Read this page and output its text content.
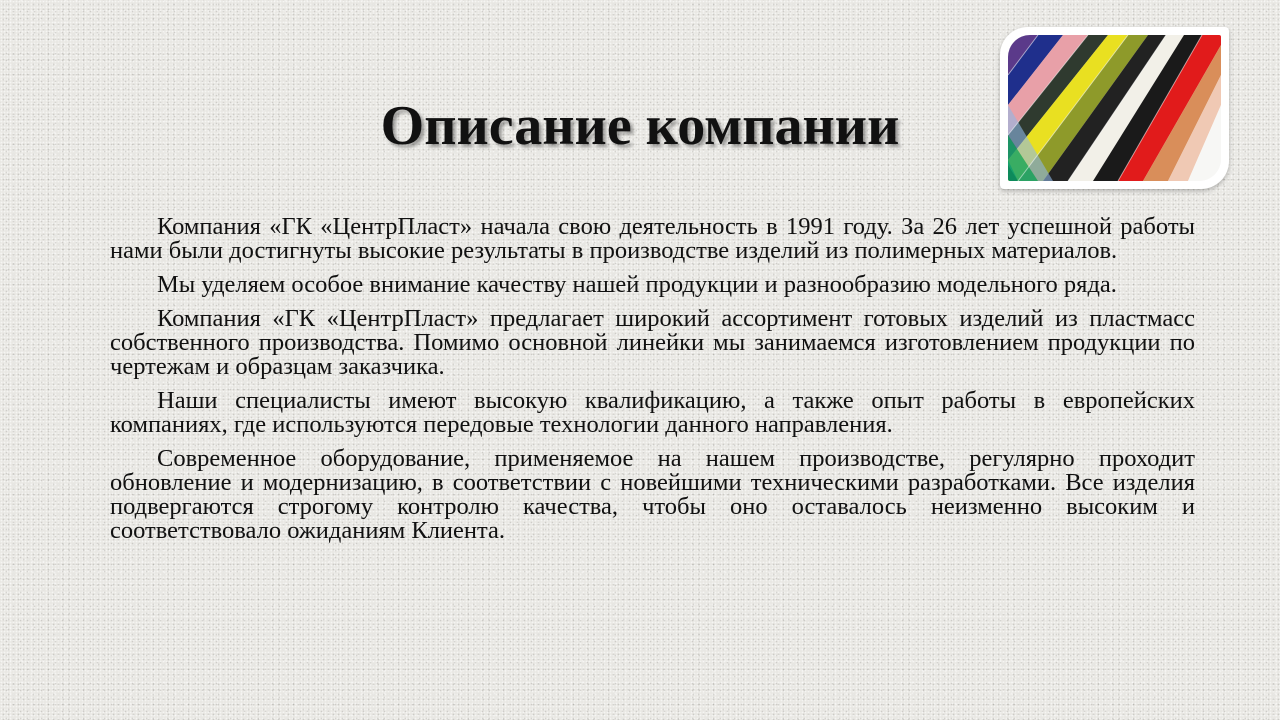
Описание компании

Компания «ГК «ЦентрПласт» начала свою деятельность в 1991 году. За 26 лет успешной работы нами были достигнуты высокие результаты в производстве изделий из полимерных материалов.

Мы уделяем особое внимание качеству нашей продукции и разнообразию модельного ряда.

Компания «ГК «ЦентрПласт» предлагает широкий ассортимент готовых изделий из пластмасс собственного производства. Помимо основной линейки мы занимаемся изготовлением продукции по чертежам и образцам заказчика.

Наши специалисты имеют высокую квалификацию, а также опыт работы в европейских компаниях, где используются передовые технологии данного направления.

Современное оборудование, применяемое на нашем производстве, регулярно проходит обновление и модернизацию, в соответствии с новейшими техническими разработками. Все изделия подвергаются строгому контролю качества, чтобы оно оставалось неизменно высоким и соответствовало ожиданиям Клиента.
